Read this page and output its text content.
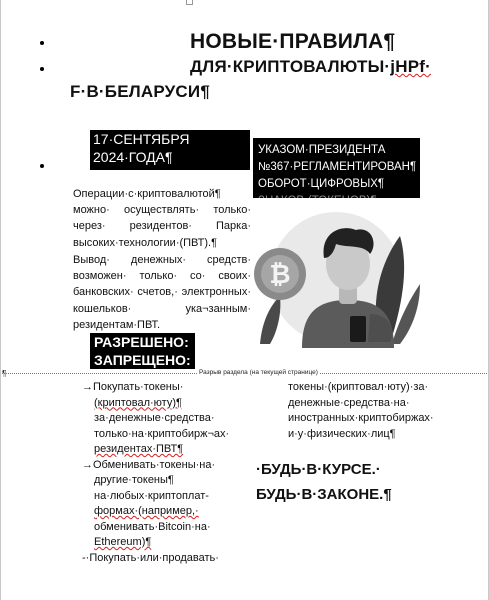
НОВЫЕ·ПРАВИЛА¶
ДЛЯ·КРИПТОВАЛЮТЫ·jHPf·
F·В·БЕЛАРУСИ¶
17·СЕНТЯБРЯ
2024·ГОДА¶	УКАЗОМ·ПРЕЗИДЕНТА
№367·РЕГЛАМЕНТИРОВАН¶
ОБОРОТ·ЦИФРОВЫХ¶
ЗНАКОВ·(ТОКЕНОВ)¶
Операции·с·криптовалютой¶ можно· осуществлять· только· через· резидентов· Парка· высоких·технологии·(ПВТ).¶
Вывод· денежных· средств· возможен· только· со· своих· банковских· счетов,· электронных· кошельков· ука¬занным· резидентам·ПВТ.
₿
РАЗРЕШЕНО:
ЗАПРЕЩЕНО:
¶	Разрыв раздела (на текущей странице)
→Покупать·токены·
(криптовал·юту)¶
за·денежные·средства·
только·на·криптобирж¬ах·
резидентах·ПВТ¶
→Обменивать·токены·на·
другие·токены¶
на·любых·криптоплат-
формах·(например,·
обменивать·Bitcoin·на·
Ethereum)¶
-·Покупать·или·продавать·
токены·(криптовал·юту)·за·
денежные·средства·на·
иностранных·криптобиржах·
и·у·физических·лиц¶
·БУДЬ·В·КУРСЕ.·
БУДЬ·В·ЗАКОНЕ.¶
